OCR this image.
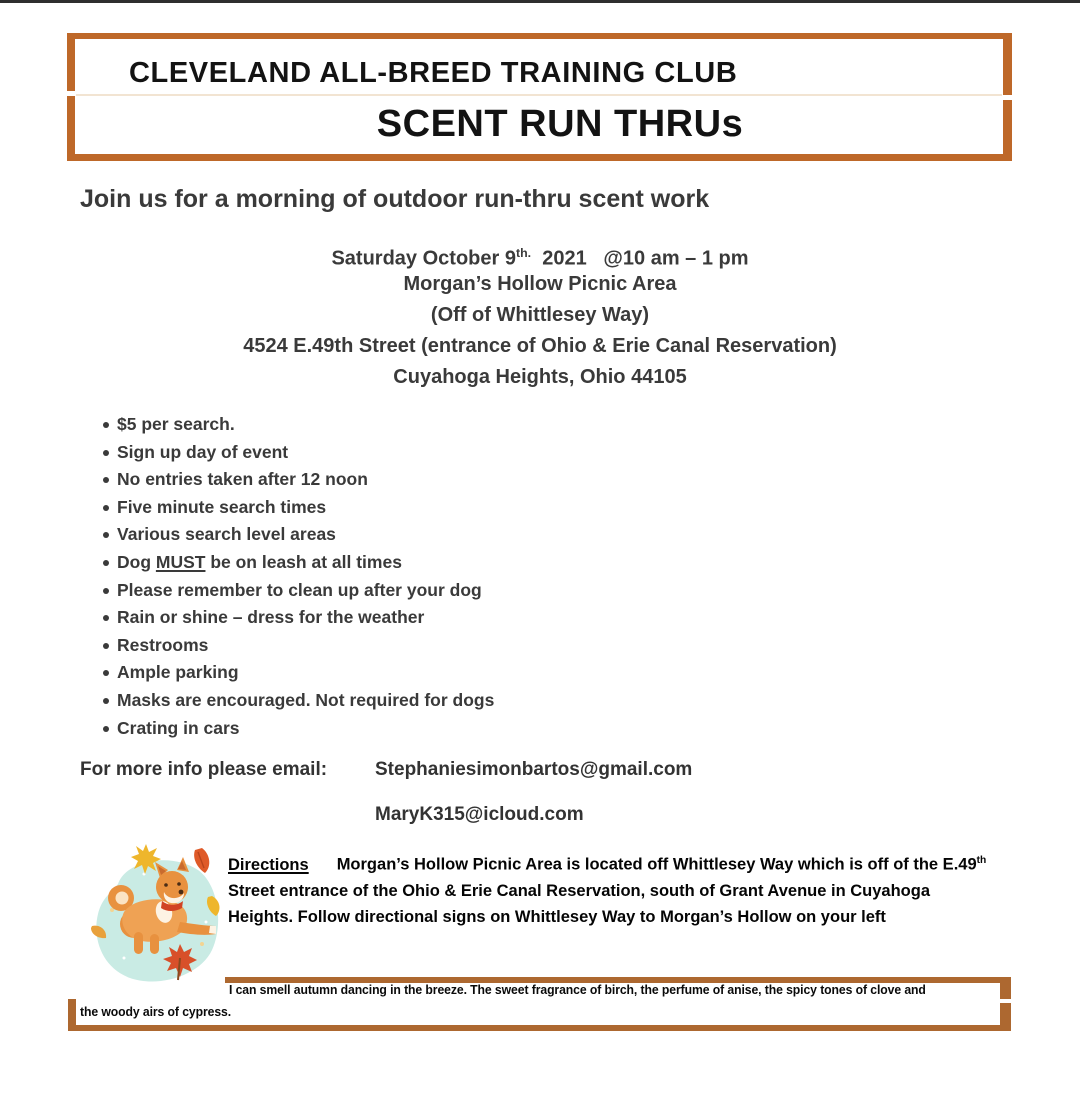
CLEVELAND ALL-BREED TRAINING CLUB
SCENT RUN THRUs
Join us for a morning of outdoor run-thru scent work
Saturday October $9^{th.}$  2021   @10 am – 1 pm
Morgan’s Hollow Picnic Area
(Off of Whittlesey Way)
4524 E.49th Street (entrance of Ohio & Erie Canal Reservation)
Cuyahoga Heights, Ohio 44105
$5 per search.
Sign up day of event
No entries taken after 12 noon
Five minute search times
Various search level areas
Dog MUST be on leash at all times
Please remember to clean up after your dog
Rain or shine – dress for the weather
Restrooms
Ample parking
Masks are encouraged. Not required for dogs
Crating in cars
For more info please email:	Stephaniesimonbartos@gmail.com
MaryK315@icloud.com

Directions Morgan’s Hollow Picnic Area is located off Whittlesey Way which is off of the E.49th Street entrance of the Ohio & Erie Canal Reservation, south of Grant Avenue in Cuyahoga Heights. Follow directional signs on Whittlesey Way to Morgan’s Hollow on your left

I can smell autumn dancing in the breeze. The sweet fragrance of birch, the perfume of anise, the spicy tones of clove and
the woody airs of cypress.
